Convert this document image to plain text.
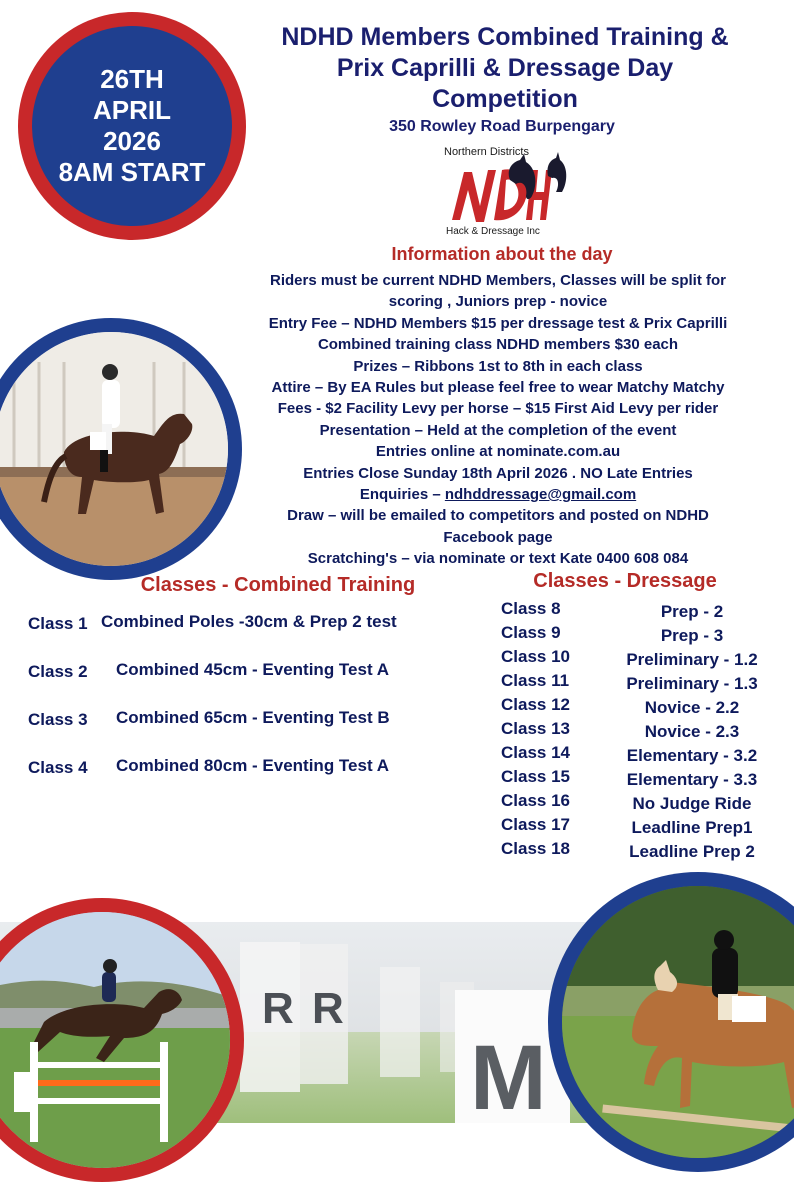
26TH
APRIL
2026
8AM START
NDHD Members Combined Training &
Prix Caprilli & Dressage Day
Competition
350 Rowley Road Burpengary
Northern Districts
Hack & Dressage Inc
Information about the day
Riders must be current NDHD Members, Classes will be split for
scoring , Juniors prep - novice
Entry Fee – NDHD Members $15 per dressage test & Prix Caprilli
Combined training class NDHD members $30 each
Prizes – Ribbons 1st to 8th in each class
Attire – By EA Rules but please feel free to wear Matchy Matchy
Fees - $2 Facility Levy per horse – $15 First Aid Levy per rider
Presentation – Held at the completion of the event
Entries online at nominate.com.au
Entries Close Sunday 18th April 2026 . NO Late Entries
Enquiries – ndhddressage@gmail.com
Draw – will be emailed to competitors and posted on NDHD
Facebook page
Scratching's – via nominate or text Kate 0400 608 084
Classes - Combined Training
Class 1 Combined Poles -30cm & Prep 2 test
Class 2 Combined 45cm - Eventing Test A
Class 3 Combined 65cm - Eventing Test B
Class 4 Combined 80cm - Eventing Test A
Classes - Dressage
Class 8	Prep - 2
Class 9	Prep - 3
Class 10	Preliminary - 1.2
Class 11	Preliminary - 1.3
Class 12	Novice - 2.2
Class 13	Novice - 2.3
Class 14	Elementary - 3.2
Class 15	Elementary - 3.3
Class 16	No Judge Ride
Class 17	Leadline Prep1
Class 18	Leadline Prep 2
R R
M
